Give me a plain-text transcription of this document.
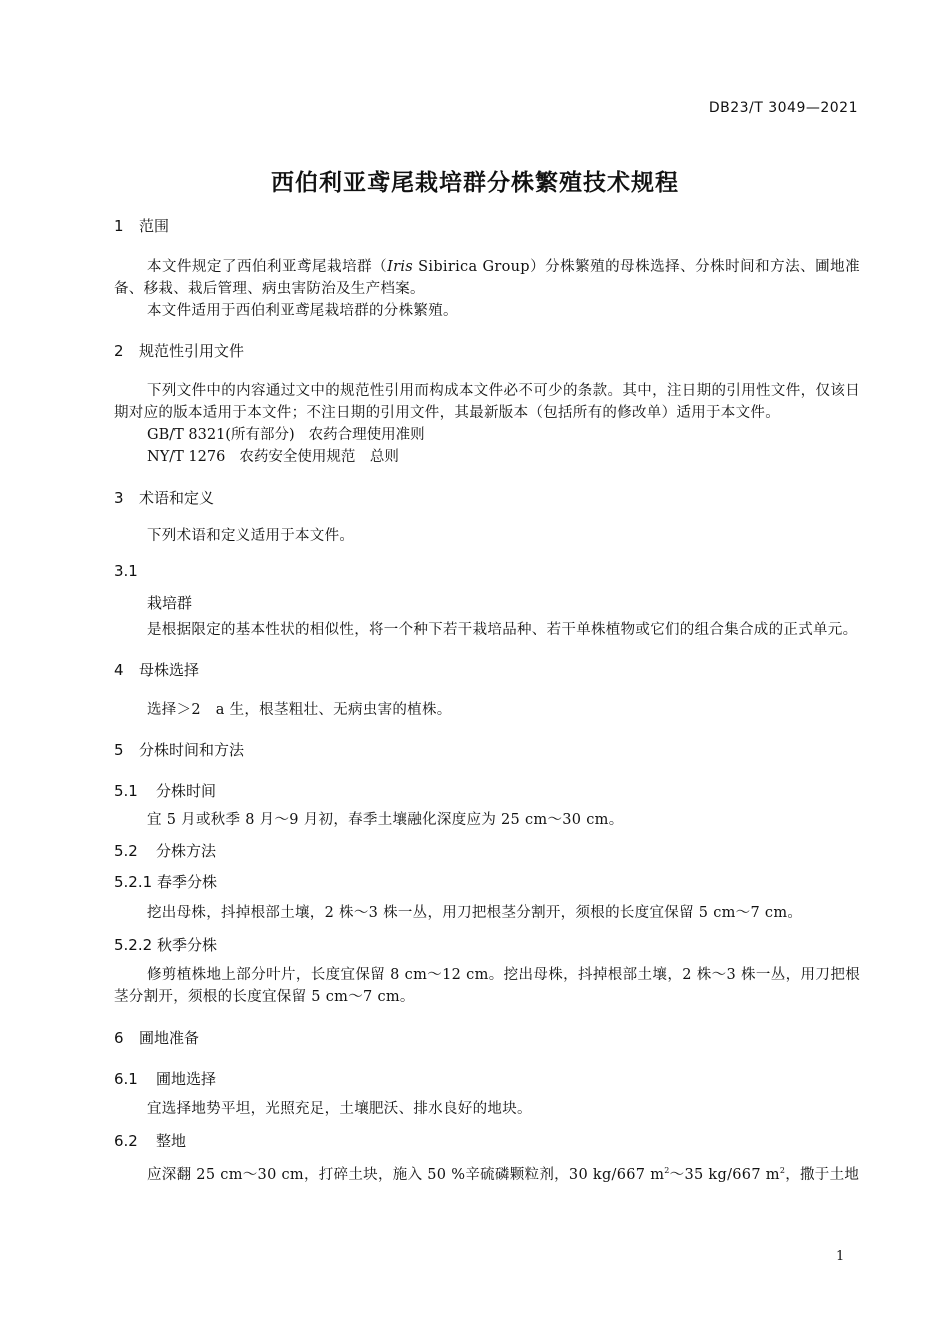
DB23/T 3049—2021
西伯利亚鸢尾栽培群分株繁殖技术规程
1 范围
本文件规定了西伯利亚鸢尾栽培群（Iris Sibirica Group）分株繁殖的母株选择、分株时间和方法、圃地准备、移栽、栽后管理、病虫害防治及生产档案。
本文件适用于西伯利亚鸢尾栽培群的分株繁殖。
2 规范性引用文件
下列文件中的内容通过文中的规范性引用而构成本文件必不可少的条款。其中，注日期的引用性文件，仅该日期对应的版本适用于本文件；不注日期的引用文件，其最新版本（包括所有的修改单）适用于本文件。
GB/T 8321(所有部分) 农药合理使用准则
NY/T 1276 农药安全使用规范　总则
3 术语和定义
下列术语和定义适用于本文件。
3.1
栽培群
是根据限定的基本性状的相似性，将一个种下若干栽培品种、若干单株植物或它们的组合集合成的正式单元。
4 母株选择
选择＞2　a 生，根茎粗壮、无病虫害的植株。
5 分株时间和方法
5.1 分株时间
宜 5 月或秋季 8 月～9 月初，春季土壤融化深度应为 25 cm～30 cm。
5.2 分株方法
5.2.1 春季分株
挖出母株，抖掉根部土壤，2 株～3 株一丛，用刀把根茎分割开，须根的长度宜保留 5 cm～7 cm。
5.2.2 秋季分株
修剪植株地上部分叶片，长度宜保留 8 cm～12 cm。挖出母株，抖掉根部土壤，2 株～3 株一丛，用刀把根茎分割开，须根的长度宜保留 5 cm～7 cm。
6 圃地准备
6.1 圃地选择
宜选择地势平坦，光照充足，土壤肥沃、排水良好的地块。
6.2 整地
应深翻 25 cm～30 cm，打碎土块，施入 50 %辛硫磷颗粒剂，30 kg/667 $m^2\sim 35$ kg/667 $m^2$，撒于土地
1
